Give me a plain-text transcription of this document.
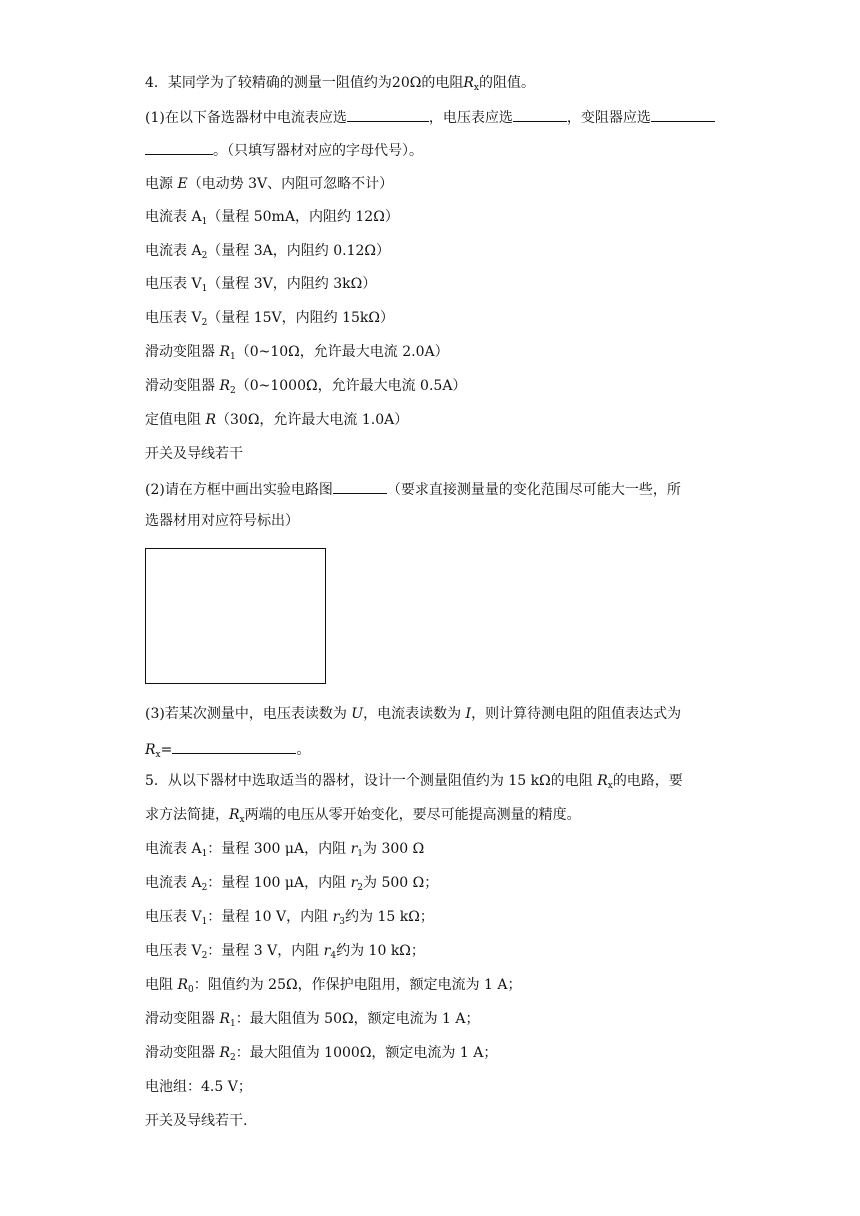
4．某同学为了较精确的测量一阻值约为20Ω的电阻$R_x$的阻值。
(1)在以下备选器材中电流表应选	，电压表应选	，变阻器应选
。（只填写器材对应的字母代号）。
电源 E（电动势 3V、内阻可忽略不计）
电流表 $A_1$（量程 50mA，内阻约 12Ω）
电流表 $A_2$（量程 3A，内阻约 0.12Ω）
电压表 $V_1$（量程 3V，内阻约 3kΩ）
电压表 $V_2$（量程 15V，内阻约 15kΩ）
滑动变阻器 $R_1(0\sim 10\Omega$，允许最大电流 2.0A）
滑动变阻器 $R_2(0\sim 1000\Omega$，允许最大电流 0.5A）
定值电阻 R（30Ω，允许最大电流 1.0A）
开关及导线若干
(2)请在方框中画出实验电路图	（要求直接测量量的变化范围尽可能大一些，所
选器材用对应符号标出）
(3)若某次测量中，电压表读数为 U，电流表读数为 I，则计算待测电阻的阻值表达式为
$R_x=$	。
5．从以下器材中选取适当的器材，设计一个测量阻值约为 15 kΩ的电阻 $R_x$的电路，要
求方法简捷，$R_x$两端的电压从零开始变化，要尽可能提高测量的精度。
电流表 $A_1$：量程 300 μA，内阻 $r_1$为 300 Ω
电流表 $A_2$：量程 100 μA，内阻 $r_2$为 500 Ω；
电压表 $V_1$：量程 10 V，内阻 $r_3$约为 15 kΩ；
电压表 $V_2$：量程 3 V，内阻 $r_4$约为 10 kΩ；
电阻 $R_0$：阻值约为 25Ω，作保护电阻用，额定电流为 1 A；
滑动变阻器 $R_1$：最大阻值为 50Ω，额定电流为 1 A；
滑动变阻器 $R_2$：最大阻值为 1000Ω，额定电流为 1 A；
电池组：4.5 V；
开关及导线若干.
